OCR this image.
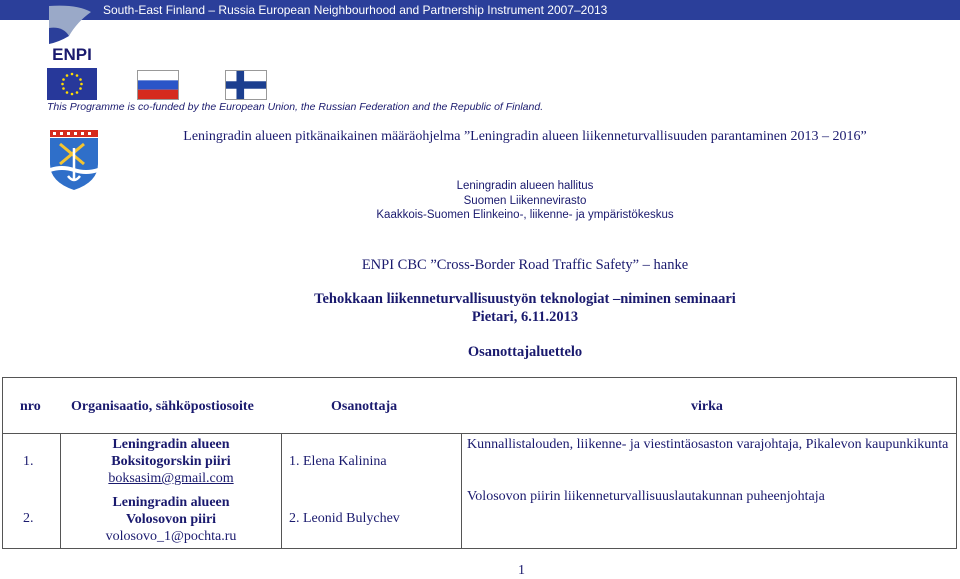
South-East Finland – Russia European Neighbourhood and Partnership Instrument 2007–2013
ENPI
This Programme is co-funded by the European Union, the Russian Federation and the Republic of Finland.
Leningradin alueen pitkänaikainen määräohjelma ”Leningradin alueen liikenneturvallisuuden parantaminen 2013 – 2016”
Leningradin alueen hallitus
Suomen Liikennevirasto
Kaakkois-Suomen Elinkeino-, liikenne- ja ympäristökeskus
ENPI CBC ”Cross-Border Road Traffic Safety” – hanke
Tehokkaan liikenneturvallisuustyön teknologiat –niminen seminaari
Pietari, 6.11.2013
Osanottajaluettelo
nro Organisaatio, sähköpostiosoite	Osanottaja	virka
1.
Leningradin alueen
Boksitogorskin piiri
boksasim@gmail.com
1. Elena Kalinina
Kunnallistalouden, liikenne- ja viestintäosaston varajohtaja, Pikalevon kaupunkikunta
2.
Leningradin alueen
Volosovon piiri
volosovo_1@pochta.ru
2. Leonid Bulychev
Volosovon piirin liikenneturvallisuuslautakunnan puheenjohtaja
1
